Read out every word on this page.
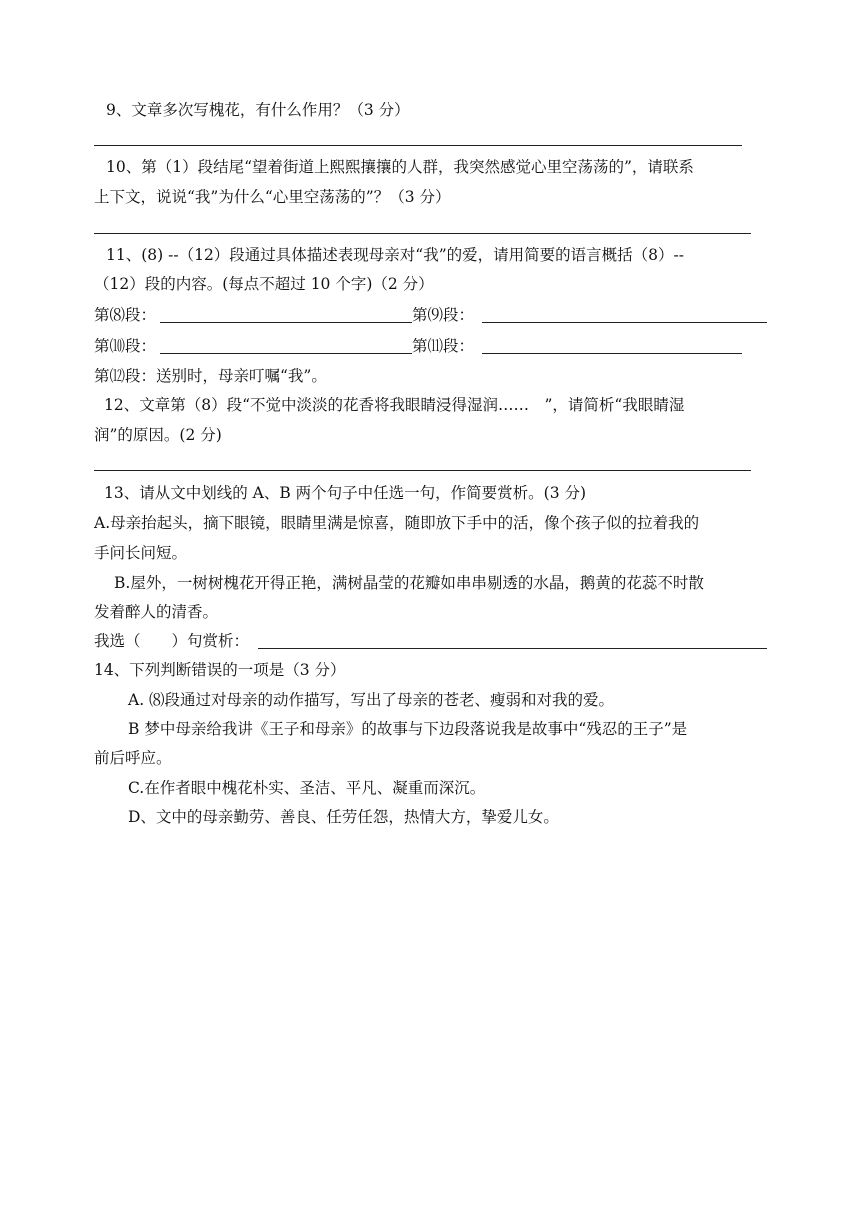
9、文章多次写槐花，有什么作用？（3 分）
10、第（1）段结尾“望着街道上熙熙攘攘的人群，我突然感觉心里空荡荡的”，请联系
上下文，说说“我”为什么“心里空荡荡的”？（3 分）
11、(8) --（12）段通过具体描述表现母亲对“我”的爱，请用简要的语言概括（8）--
（12）段的内容。(每点不超过 10 个字)（2 分）
第⑻段：	第⑼段：
第⑽段：	第⑾段：
第⑿段：送别时，母亲叮嘱“我”。
12、文章第（8）段“不觉中淡淡的花香将我眼睛浸得湿润……　”，请简析“我眼睛湿
润”的原因。(2 分)
13、请从文中划线的 A、B 两个句子中任选一句，作简要赏析。(3 分)
A.母亲抬起头，摘下眼镜，眼睛里满是惊喜，随即放下手中的活，像个孩子似的拉着我的
手问长问短。
B.屋外，一树树槐花开得正艳，满树晶莹的花瓣如串串剔透的水晶，鹅黄的花蕊不时散
发着醉人的清香。
我选（　　）句赏析：
14、下列判断错误的一项是（3 分）
A. ⑻段通过对母亲的动作描写，写出了母亲的苍老、瘦弱和对我的爱。
B 梦中母亲给我讲《王子和母亲》的故事与下边段落说我是故事中“残忍的王子”是
前后呼应。
C.在作者眼中槐花朴实、圣洁、平凡、凝重而深沉。
D、文中的母亲勤劳、善良、任劳任怨，热情大方，挚爱儿女。
